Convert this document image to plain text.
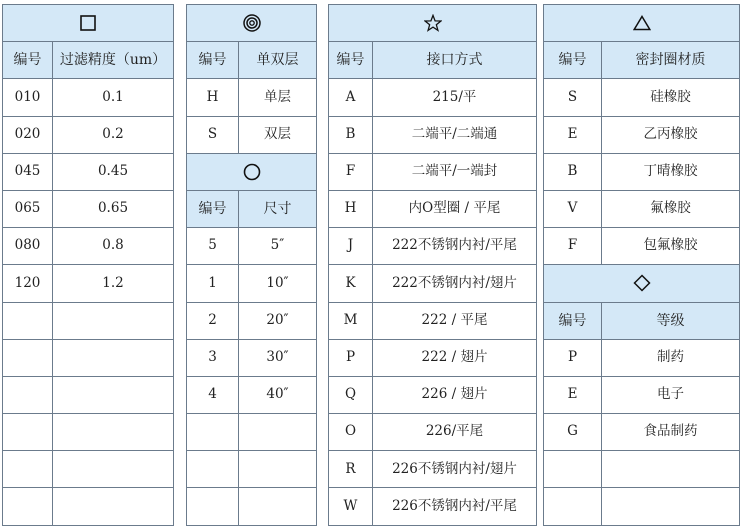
编号	过滤精度（um）
010	0.1
020	0.2
045	0.45
065	0.65
080	0.8
120	1.2

编号	单双层
H	单层
S	双层

编号	尺寸
5	5″
1	10″
2	20″
3	30″
4	40″

编号	接口方式
A	215/平
B	二端平/二端通
F	二端平/一端封
H	内O型圈 / 平尾
J	222不锈钢内衬/平尾
K	222不锈钢内衬/翅片
M	222 / 平尾
P	222 / 翅片
Q	226 / 翅片
O	226/平尾
R	226不锈钢内衬/翅片
W	226不锈钢内衬/平尾

编号	密封圈材质
S	硅橡胶
E	乙丙橡胶
B	丁晴橡胶
V	氟橡胶
F	包氟橡胶

编号	等级
P	制药
E	电子
G	食品制药
